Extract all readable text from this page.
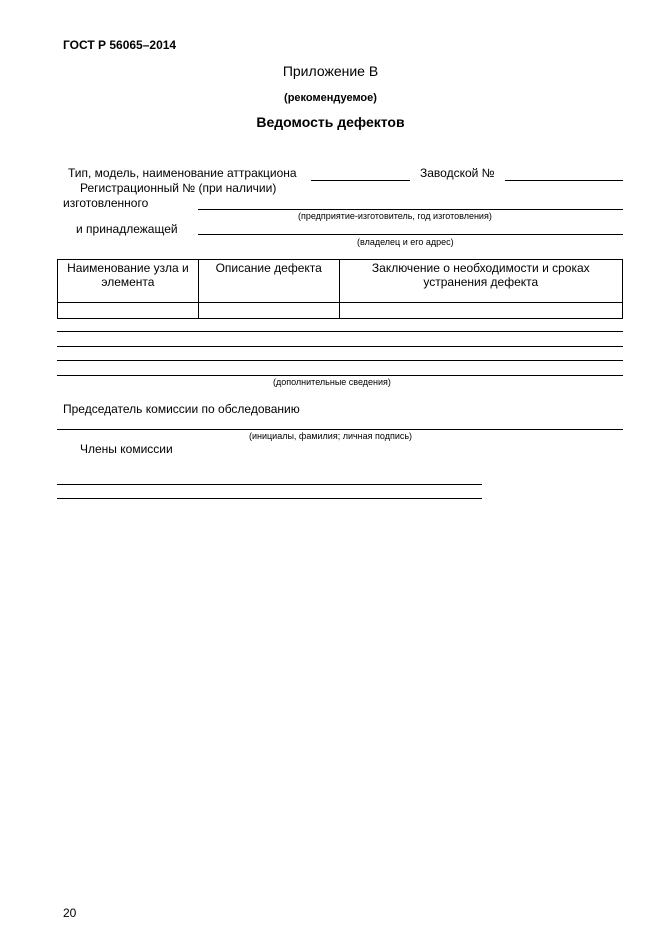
ГОСТ Р 56065–2014
Приложение В
(рекомендуемое)
Ведомость дефектов
Тип, модель, наименование аттракциона	Заводской №
Регистрационный № (при наличии)
изготовленного
(предприятие-изготовитель, год изготовления)
и принадлежащей
(владелец и его адрес)
Наименование узла и элемента	Описание дефекта	Заключение о необходимости и сроках устранения дефекта

(дополнительные сведения)
Председатель комиссии по обследованию
(инициалы, фамилия; личная подпись)
Члены комиссии
20
